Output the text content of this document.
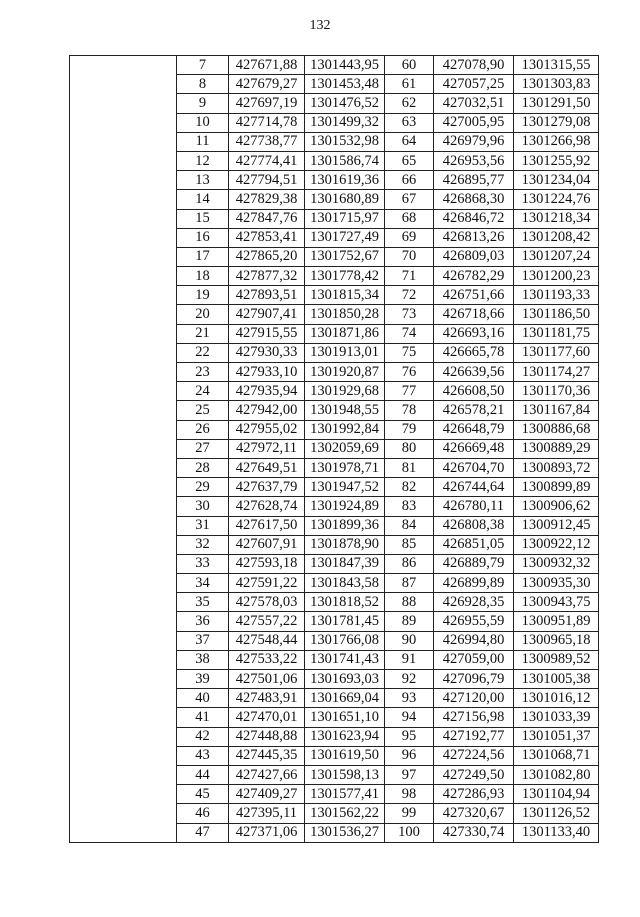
132
	7	427671,88	1301443,95	60	427078,90	1301315,55
	8	427679,27	1301453,48	61	427057,25	1301303,83
	9	427697,19	1301476,52	62	427032,51	1301291,50
	10	427714,78	1301499,32	63	427005,95	1301279,08
	11	427738,77	1301532,98	64	426979,96	1301266,98
	12	427774,41	1301586,74	65	426953,56	1301255,92
	13	427794,51	1301619,36	66	426895,77	1301234,04
	14	427829,38	1301680,89	67	426868,30	1301224,76
	15	427847,76	1301715,97	68	426846,72	1301218,34
	16	427853,41	1301727,49	69	426813,26	1301208,42
	17	427865,20	1301752,67	70	426809,03	1301207,24
	18	427877,32	1301778,42	71	426782,29	1301200,23
	19	427893,51	1301815,34	72	426751,66	1301193,33
	20	427907,41	1301850,28	73	426718,66	1301186,50
	21	427915,55	1301871,86	74	426693,16	1301181,75
	22	427930,33	1301913,01	75	426665,78	1301177,60
	23	427933,10	1301920,87	76	426639,56	1301174,27
	24	427935,94	1301929,68	77	426608,50	1301170,36
	25	427942,00	1301948,55	78	426578,21	1301167,84
	26	427955,02	1301992,84	79	426648,79	1300886,68
	27	427972,11	1302059,69	80	426669,48	1300889,29
	28	427649,51	1301978,71	81	426704,70	1300893,72
	29	427637,79	1301947,52	82	426744,64	1300899,89
	30	427628,74	1301924,89	83	426780,11	1300906,62
	31	427617,50	1301899,36	84	426808,38	1300912,45
	32	427607,91	1301878,90	85	426851,05	1300922,12
	33	427593,18	1301847,39	86	426889,79	1300932,32
	34	427591,22	1301843,58	87	426899,89	1300935,30
	35	427578,03	1301818,52	88	426928,35	1300943,75
	36	427557,22	1301781,45	89	426955,59	1300951,89
	37	427548,44	1301766,08	90	426994,80	1300965,18
	38	427533,22	1301741,43	91	427059,00	1300989,52
	39	427501,06	1301693,03	92	427096,79	1301005,38
	40	427483,91	1301669,04	93	427120,00	1301016,12
	41	427470,01	1301651,10	94	427156,98	1301033,39
	42	427448,88	1301623,94	95	427192,77	1301051,37
	43	427445,35	1301619,50	96	427224,56	1301068,71
	44	427427,66	1301598,13	97	427249,50	1301082,80
	45	427409,27	1301577,41	98	427286,93	1301104,94
	46	427395,11	1301562,22	99	427320,67	1301126,52
	47	427371,06	1301536,27	100	427330,74	1301133,40
